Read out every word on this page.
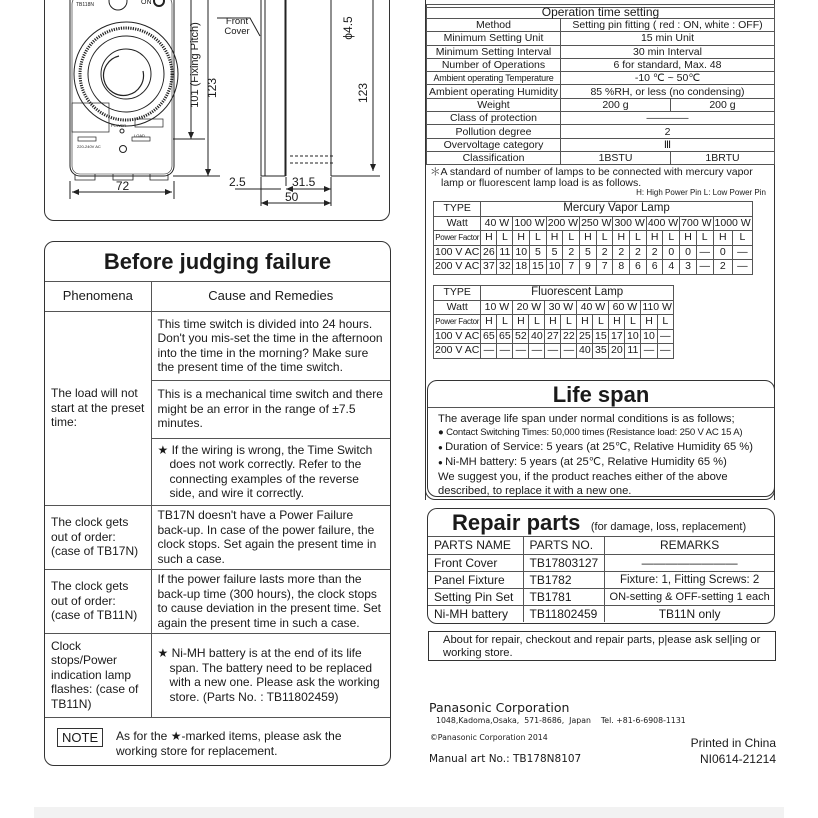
TB118N	ON
POWER
LOAD
220-240V AC
Front Cover
101 (Fixing Pitch) 123	123
ϕ4.5
72	2.5	31.5
50
Operation time setting		
Method	Setting pin fitting ( red : ON, white : OFF)	
Minimum Setting Unit	15 min Unit	
Minimum Setting Interval	30 min Interval	
Number of Operations	6 for standard, Max. 48	
Ambient operating Temperature	-10 ℃ ~ 50℃	
Ambient operating Humidity	85 %RH, or less (no condensing)	
Weight	200 g	200 g
Class of protection	————	
Pollution degree	2	
Overvoltage category	Ⅲ	
Classification	1BSTU	1BRTU
＊A standard of number of lamps to be connected with mercury vapor lamp or fluorescent lamp load is as follows.
H: High Power Pin L: Low Power Pin
TYPE	Mercury Vapor Lamp															
Watt	40 W		100 W		200 W		250 W		300 W		400 W		700 W		1000 W	
Power Factor	H	L	H	L	H	L	H	L	H	L	H	L	H	L	H	L
100 V AC	26	11	10	5	5	2	5	2	2	2	2	0	0	—	0	—
200 V AC	37	32	18	15	10	7	9	7	8	6	6	4	3	—	2	—
TYPE	Fluorescent Lamp											
Watt	10 W		20 W		30 W		40 W		60 W		110 W	
Power Factor	H	L	H	L	H	L	H	L	H	L	H	L
100 V AC	65	65	52	40	27	22	25	15	17	10	10	—
200 V AC	—	—	—	—	—	—	40	35	20	11	—	—
Before judging failure
Phenomena	Cause and Remedies
The load will not start at the preset time:	This time switch is divided into 24 hours. Don't you mis-set the time in the afternoon into the time in the morning? Make sure the present time of the time switch.
	This is a mechanical time switch and there might be an error in the range of ±7.5 minutes.
	★ If the wiring is wrong, the Time Switch does not work correctly. Refer to the connecting examples of the reverse side, and wire it correctly.
The clock gets out of order: (case of TB17N)	TB17N doesn't have a Power Failure back-up. In case of the power failure, the clock stops. Set again the present time in such a case.
The clock gets out of order: (case of TB11N)	If the power failure lasts more than the back-up time (300 hours), the clock stops to cause deviation in the present time. Set again the present time in such a case.
Clock stops/Power indication lamp flashes: (case of TB11N)	★ Ni-MH battery is at the end of its life span. The battery need to be replaced with a new one. Please ask the working store. (Parts No. : TB11802459)
NOTE	As for the ★-marked items, please ask the working store for replacement.
Life span
The average life span under normal conditions is as follows;
● Contact Switching Times: 50,000 times (Resistance load: 250 V AC 15 A)
● Duration of Service: 5 years (at 25℃, Relative Humidity 65 %)
● Ni-MH battery: 5 years (at 25℃, Relative Humidity 65 %)
We suggest you, if the product reaches either of the above described, to replace it with a new one.
Repair parts (for damage, loss, replacement)
PARTS NAME	PARTS NO.	REMARKS
Front Cover	TB17803127	————————
Panel Fixture	TB1782	Fixture: 1, Fitting Screws: 2
Setting Pin Set	TB1781	ON-setting & OFF-setting 1 each
Ni-MH battery	TB11802459	TB11N only
About for repair, checkout and repair parts, p|ease ask sel|ing or working store.
Panasonic Corporation
1048,Kadoma,Osaka,  571-8686,  Japan    Tel. +81-6-6908-1131
©Panasonic Corporation 2014
Manual art No.: TB178N8107
Printed in China
NI0614-21214
